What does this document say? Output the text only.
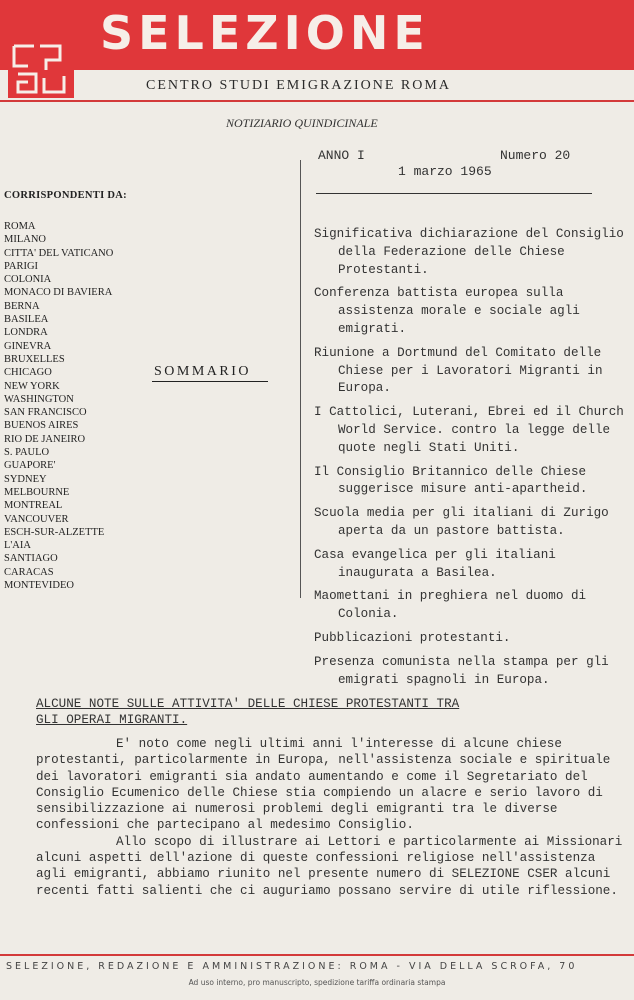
SELEZIONE
CENTRO STUDI EMIGRAZIONE ROMA
NOTIZIARIO QUINDICINALE
ANNO I	Numero 20
1 marzo 1965
CORRISPONDENTI DA:
ROMA
MILANO
CITTA' DEL VATICANO
PARIGI
COLONIA
MONACO DI BAVIERA
BERNA
BASILEA
LONDRA
GINEVRA
BRUXELLES
CHICAGO
NEW YORK
WASHINGTON
SAN FRANCISCO
BUENOS AIRES
RIO DE JANEIRO
S. PAULO
GUAPORE'
SYDNEY
MELBOURNE
MONTREAL
VANCOUVER
ESCH-SUR-ALZETTE
L'AIA
SANTIAGO
CARACAS
MONTEVIDEO
SOMMARIO
Significativa dichiarazione del Consiglio della Federazione delle Chiese Protestanti.
Conferenza battista europea sulla assistenza morale e sociale agli emigrati.
Riunione a Dortmund del Comitato delle Chiese per i Lavoratori Migranti in Europa.
I Cattolici, Luterani, Ebrei ed il Church World Service. contro la legge delle quote negli Stati Uniti.
Il Consiglio Britannico delle Chiese suggerisce misure anti-apartheid.
Scuola media per gli italiani di Zurigo aperta da un pastore battista.
Casa evangelica per gli italiani inaugurata a Basilea.
Maomettani in preghiera nel duomo di Colonia.
Pubblicazioni protestanti.
Presenza comunista nella stampa per gli emigrati spagnoli in Europa.
ALCUNE NOTE SULLE ATTIVITA' DELLE CHIESE PROTESTANTI TRA GLI OPERAI MIGRANTI.

E' noto come negli ultimi anni l'interesse di alcune chiese protestanti, particolarmente in Europa, nell'assistenza sociale e spirituale dei lavoratori emigranti sia andato aumentando e come il Segretariato del Consiglio Ecumenico delle Chiese stia compiendo un alacre e serio lavoro di sensibilizzazione ai numerosi problemi degli emigranti tra le diverse confessioni che partecipano al medesimo Consiglio.

Allo scopo di illustrare ai Lettori e particolarmente ai Missionari alcuni aspetti dell'azione di queste confessioni religiose nell'assistenza agli emigranti, abbiamo riunito nel presente numero di SELEZIONE CSER alcuni recenti fatti salienti che ci auguriamo possano servire di utile riflessione.

SELEZIONE, REDAZIONE E AMMINISTRAZIONE: ROMA - VIA DELLA SCROFA, 70
Ad uso interno, pro manuscripto, spedizione tariffa ordinaria stampa
